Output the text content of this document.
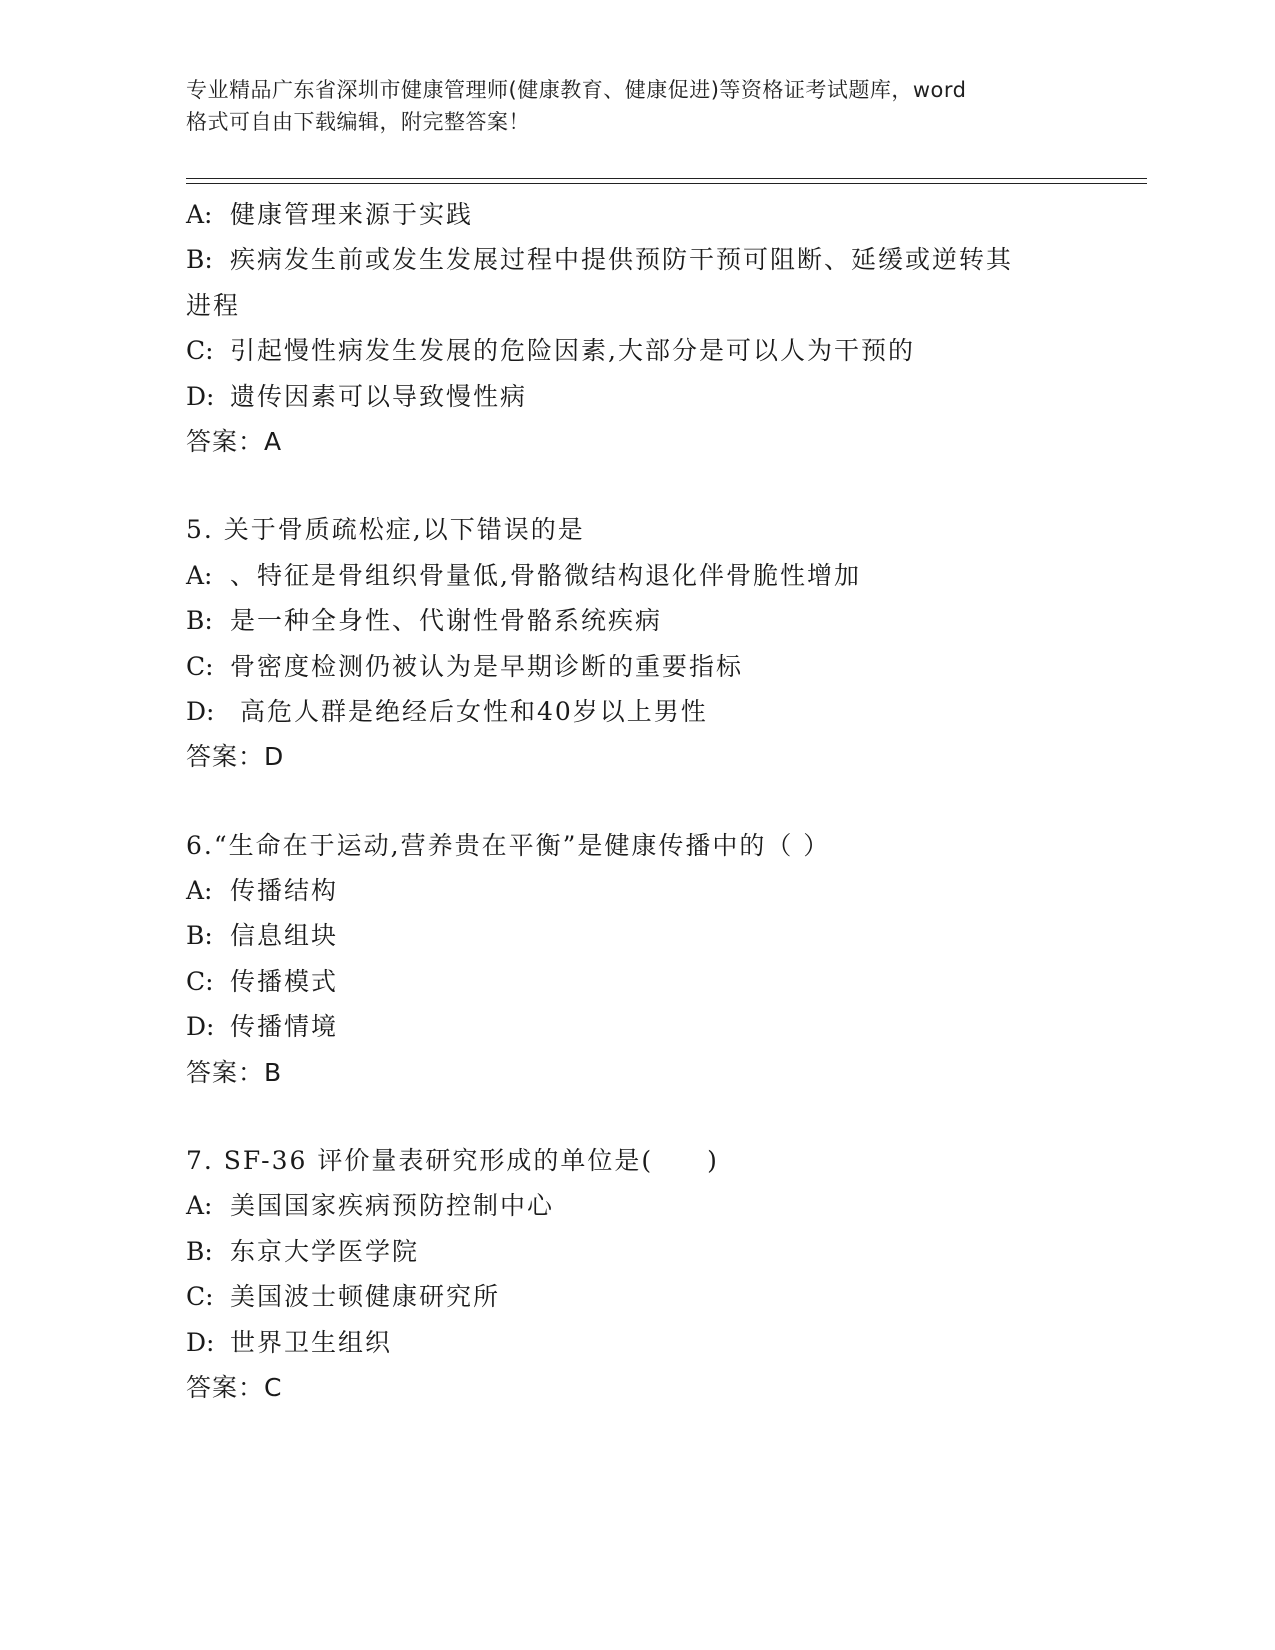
专业精品广东省深圳市健康管理师(健康教育、健康促进)等资格证考试题库，word
格式可自由下载编辑，附完整答案！
A: 健康管理来源于实践
B: 疾病发生前或发生发展过程中提供预防干预可阻断、延缓或逆转其
进程
C: 引起慢性病发生发展的危险因素,大部分是可以人为干预的
D: 遗传因素可以导致慢性病
答案：A
5. 关于骨质疏松症,以下错误的是
A: 、特征是骨组织骨量低,骨骼微结构退化伴骨脆性增加
B: 是一种全身性、代谢性骨骼系统疾病
C: 骨密度检测仍被认为是早期诊断的重要指标
D: 高危人群是绝经后女性和40岁以上男性
答案：D
6.“生命在于运动,营养贵在平衡”是健康传播中的（ ）
A: 传播结构
B: 信息组块
C: 传播模式
D: 传播情境
答案：B
7. SF-36 评价量表研究形成的单位是(　　)
A: 美国国家疾病预防控制中心
B: 东京大学医学院
C: 美国波士顿健康研究所
D: 世界卫生组织
答案：C
